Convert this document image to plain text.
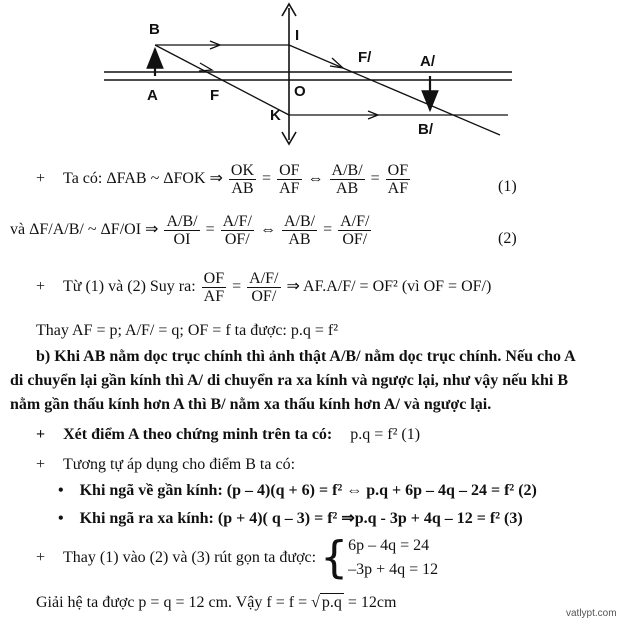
B
A	F
I
O
K
F/	A/
B/
+ Ta có: ΔFAB ~ ΔFOK ⇒ $\frac{OK}{AB} = \frac{OF}{AF}$ ⇔ $\frac{A/B/}{AB} = \frac{OF}{AF}$	(1)
và ΔF/A/B/ ~ ΔF/OI ⇒ $\frac{A/B/}{OI} = \frac{A/F/}{OF/}$ ⇔ $\frac{A/B/}{AB} = \frac{A/F/}{OF/}$	(2)
+ Từ (1) và (2) Suy ra: $\frac{OF}{AF} = \frac{A/F/}{OF/}$ ⇒ AF.A/F/ = OF² (vì OF = OF/)
Thay AF = p; A/F/ = q; OF = f ta được: p.q = f²
b) Khi AB nằm dọc trục chính thì ảnh thật A/B/ nằm dọc trục chính. Nếu cho A
di chuyển lại gần kính thì A/ di chuyển ra xa kính và ngược lại, như vậy nếu khi B
nằm gần thấu kính hơn A thì B/ nằm xa thấu kính hơn A/ và ngược lại.
+ Xét điểm A theo chứng minh trên ta có: p.q = f² (1)
+ Tương tự áp dụng cho điểm B ta có:
• Khi ngã về gần kính: (p – 4)(q + 6) = f² ⇔ p.q + 6p – 4q – 24 = f² (2)
• Khi ngã ra xa kính: (p + 4)( q – 3) = f² ⇒p.q - 3p + 4q – 12 = f² (3)
+ Thay (1) vào (2) và (3) rút gọn ta được: { 6p – 4q = 24
–3p + 4q = 12
Giải hệ ta được p = q = 12 cm. Vậy f = f = √ p.q = 12cm
vatlypt.com
